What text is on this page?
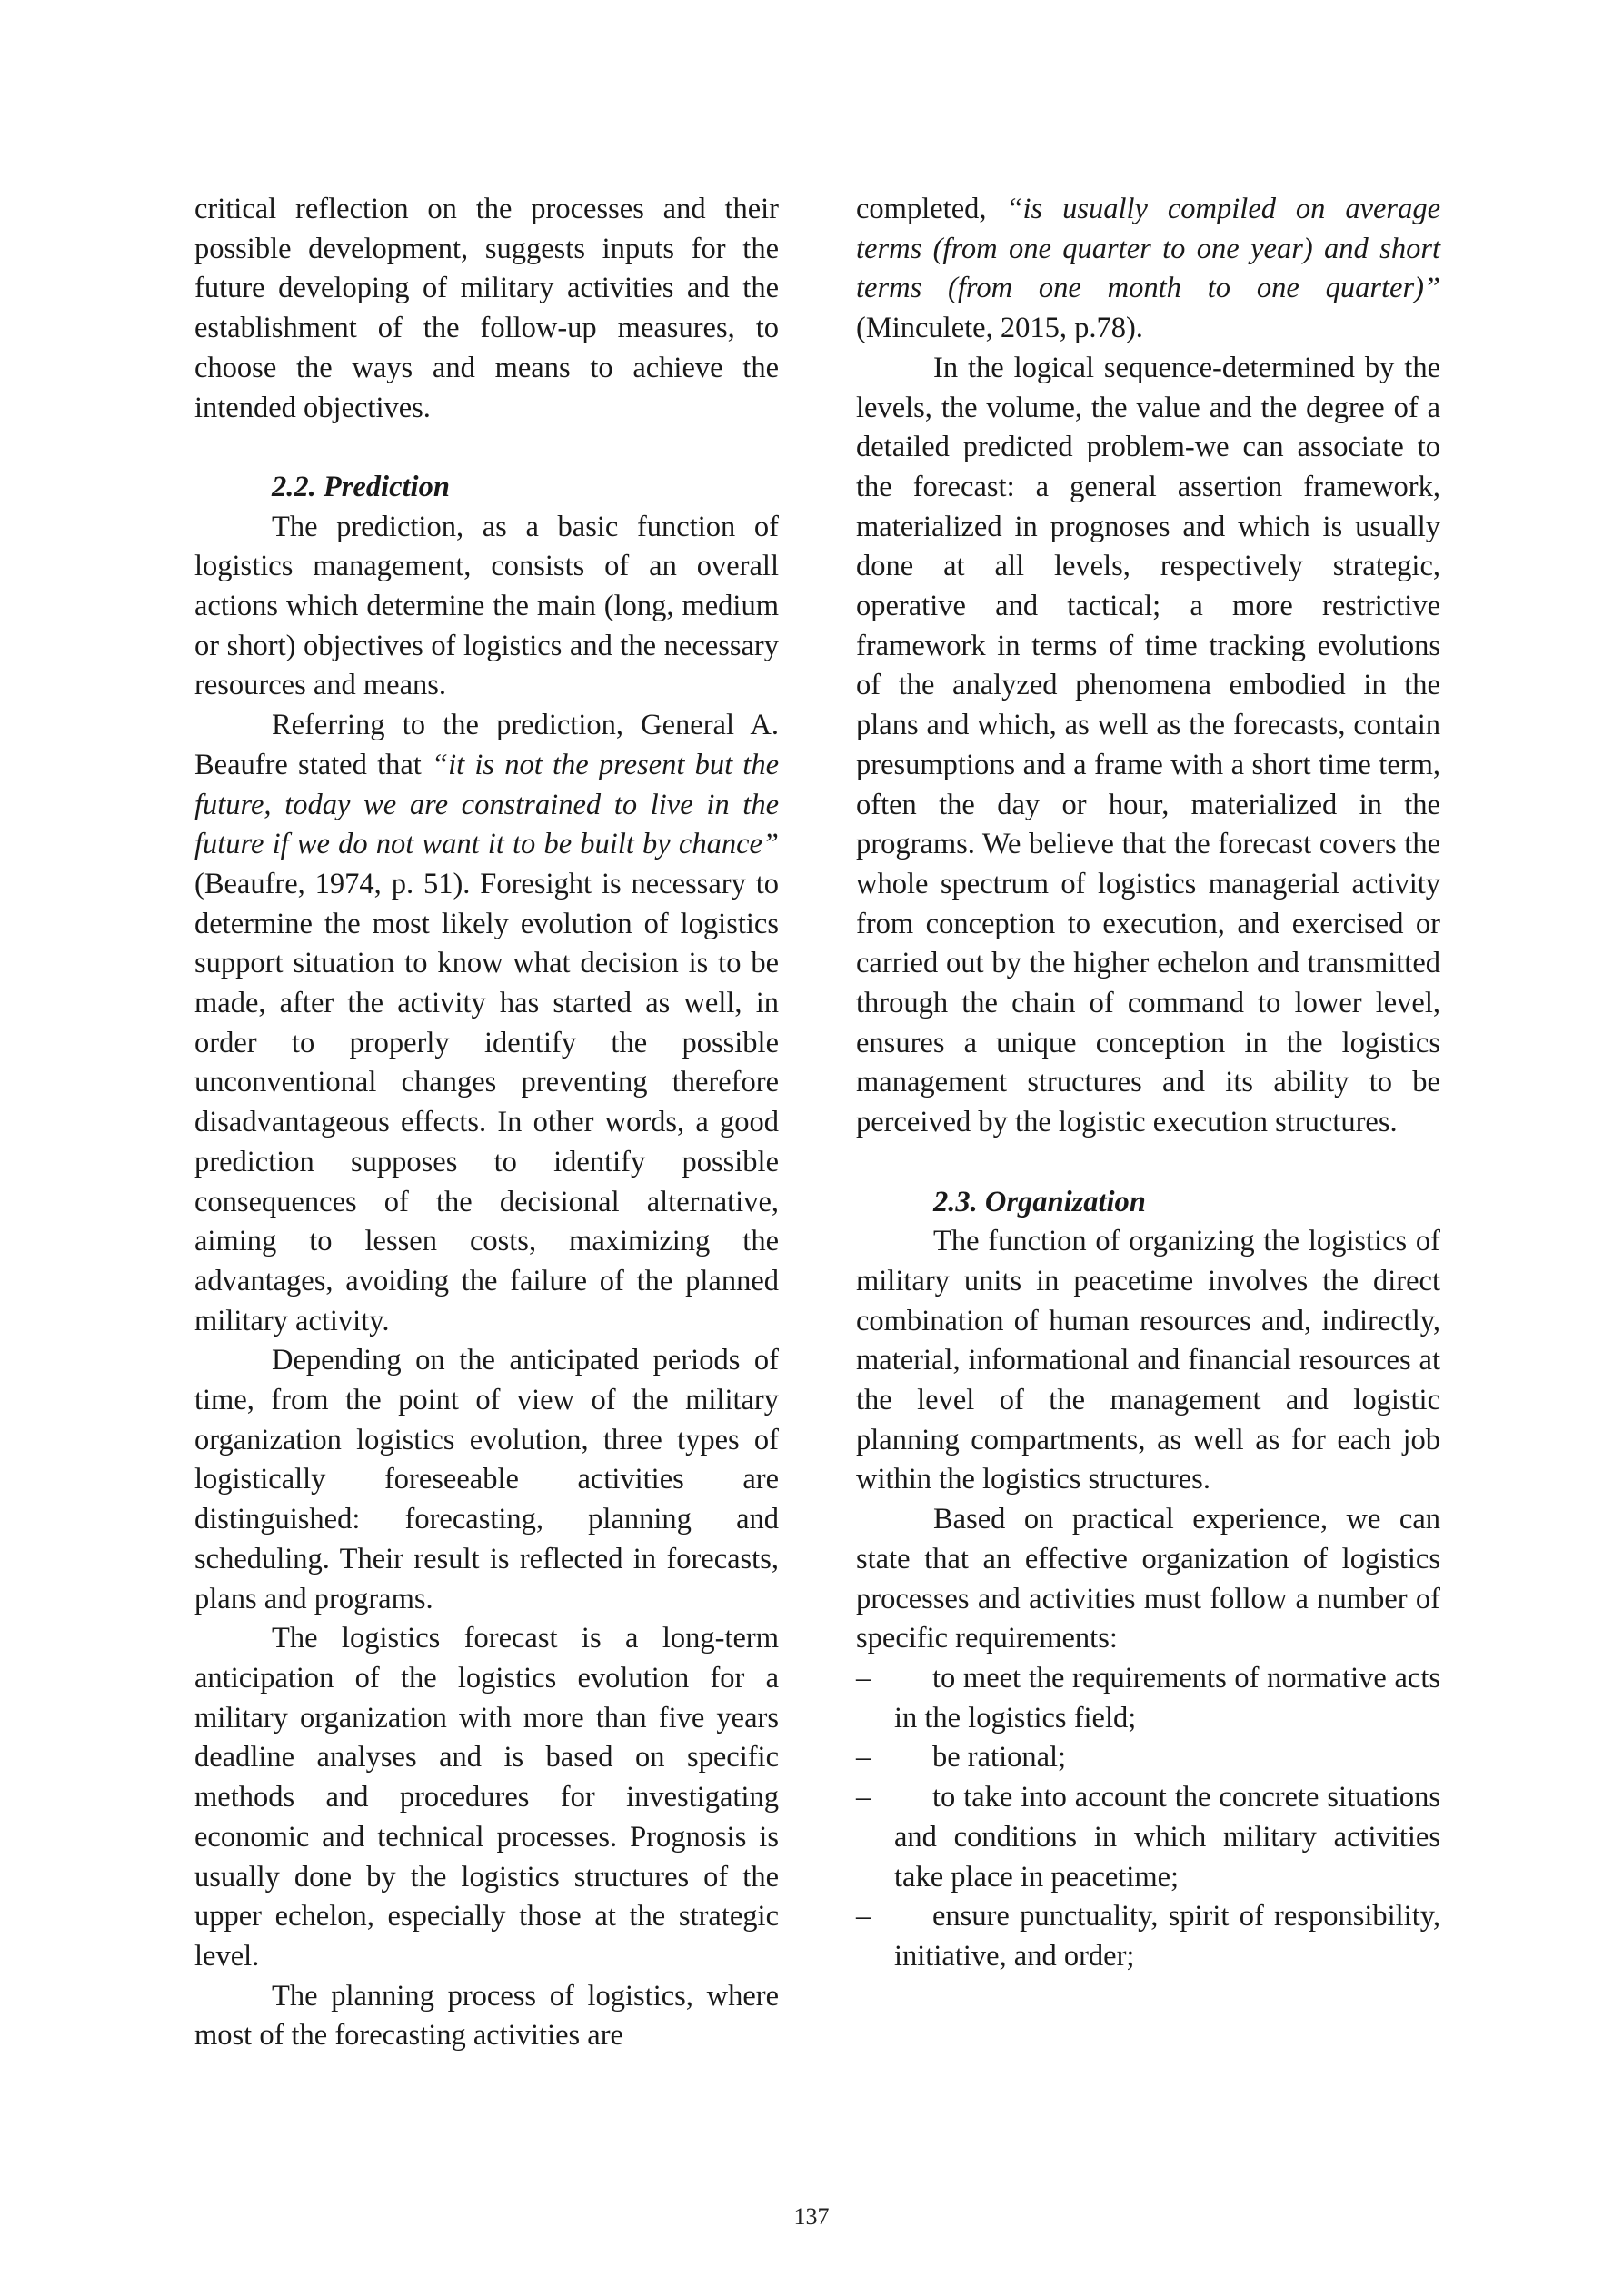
critical reflection on the processes and their possible development, suggests inputs for the future developing of military activities and the establishment of the follow-up measures, to choose the ways and means to achieve the intended objectives.

2.2. Prediction

The prediction, as a basic function of logistics management, consists of an overall actions which determine the main (long, medium or short) objectives of logistics and the necessary resources and means.

Referring to the prediction, General A. Beaufre stated that “it is not the present but the future, today we are constrained to live in the future if we do not want it to be built by chance” (Beaufre, 1974, p. 51). Foresight is necessary to determine the most likely evolution of logistics support situation to know what decision is to be made, after the activity has started as well, in order to properly identify the possible unconventional changes preventing therefore disadvantageous effects. In other words, a good prediction supposes to identify possible consequences of the decisional alternative, aiming to lessen costs, maximizing the advantages, avoiding the failure of the planned military activity.

Depending on the anticipated periods of time, from the point of view of the military organization logistics evolution, three types of logistically foreseeable activities are distinguished: forecasting, planning and scheduling. Their result is reflected in forecasts, plans and programs.

The logistics forecast is a long-term anticipation of the logistics evolution for a military organization with more than five years deadline analyses and is based on specific methods and procedures for investigating economic and technical processes. Prognosis is usually done by the logistics structures of the upper echelon, especially those at the strategic level.

The planning process of logistics, where most of the forecasting activities are

completed, “is usually compiled on average terms (from one quarter to one year) and short terms (from one month to one quarter)” (Minculete, 2015, p.78).

In the logical sequence-determined by the levels, the volume, the value and the degree of a detailed predicted problem-we can associate to the forecast: a general assertion framework, materialized in prognoses and which is usually done at all levels, respectively strategic, operative and tactical; a more restrictive framework in terms of time tracking evolutions of the analyzed phenomena embodied in the plans and which, as well as the forecasts, contain presumptions and a frame with a short time term, often the day or hour, materialized in the programs. We believe that the forecast covers the whole spectrum of logistics managerial activity from conception to execution, and exercised or carried out by the higher echelon and transmitted through the chain of command to lower level, ensures a unique conception in the logistics management structures and its ability to be perceived by the logistic execution structures.

2.3. Organization

The function of organizing the logistics of military units in peacetime involves the direct combination of human resources and, indirectly, material, informational and financial resources at the level of the management and logistic planning compartments, as well as for each job within the logistics structures.

Based on practical experience, we can state that an effective organization of logistics processes and activities must follow a number of specific requirements:

– to meet the requirements of normative acts in the logistics field;
– be rational;
– to take into account the concrete situations and conditions in which military activities take place in peacetime;
– ensure punctuality, spirit of responsibility, initiative, and order;
137
